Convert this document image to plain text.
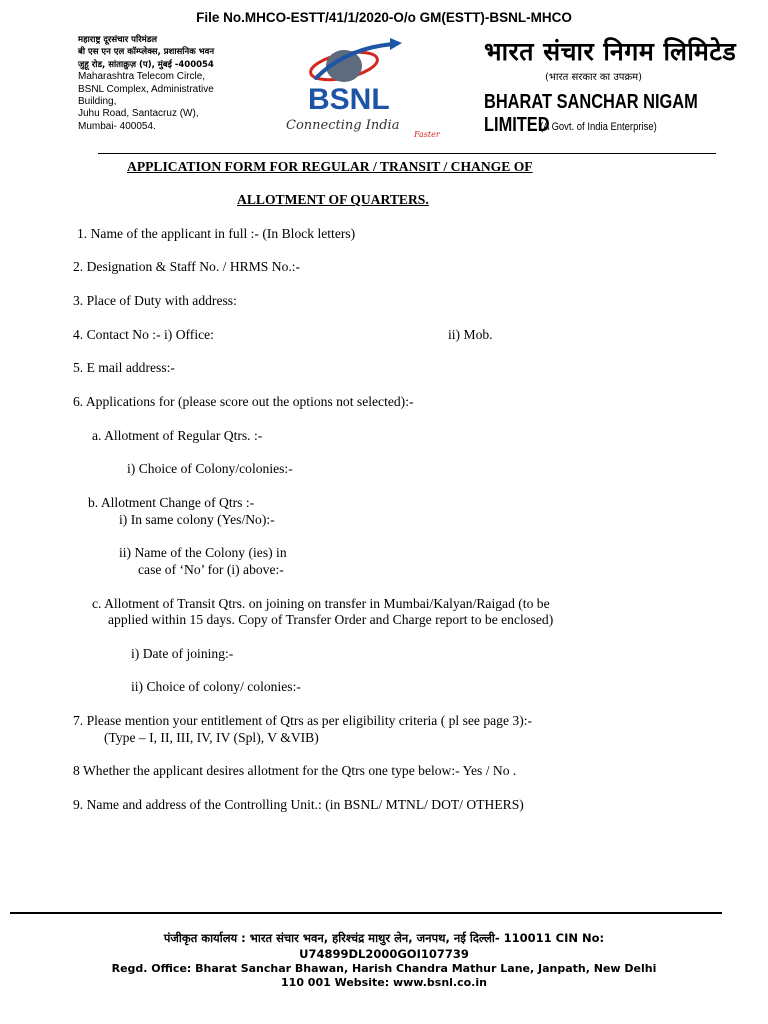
File No.MHCO-ESTT/41/1/2020-O/o GM(ESTT)-BSNL-MHCO
महाराष्ट्र दूरसंचार परिमंडल
बी एस एन एल कॉम्प्लेक्स, प्रशासनिक भवन
जुहू रोड, सांताक्रुज़ (प), मुंबई -400054
Maharashtra Telecom Circle,
BSNL Complex, Administrative
Building,
Juhu Road, Santacruz (W),
Mumbai- 400054.
BSNL
Connecting India
Faster
भारत संचार निगम लिमिटेड
(भारत सरकार का उपक्रम)
BHARAT SANCHAR NIGAM LIMITED
(A Govt. of India Enterprise)
APPLICATION FORM FOR REGULAR / TRANSIT / CHANGE OF
ALLOTMENT OF QUARTERS.
1. Name of the applicant in full :- (In Block letters)
2. Designation & Staff No. / HRMS No.:-
3. Place of Duty with address:
4. Contact No :- i) Office:	ii) Mob.
5. E mail address:-
6. Applications for (please score out the options not selected):-
a. Allotment of Regular Qtrs. :-
i) Choice of Colony/colonies:-
b. Allotment Change of Qtrs :-
i) In same colony (Yes/No):-
ii) Name of the Colony (ies) in
case of ‘No’ for (i) above:-
c. Allotment of Transit Qtrs. on joining on transfer in Mumbai/Kalyan/Raigad (to be
applied within 15 days. Copy of Transfer Order and Charge report to be enclosed)
i) Date of joining:-
ii) Choice of colony/ colonies:-
7. Please mention your entitlement of Qtrs as per eligibility criteria ( pl see page 3):-
(Type – I, II, III, IV, IV (Spl), V &VIB)
8 Whether the applicant desires allotment for the Qtrs one type below:- Yes / No .
9. Name and address of the Controlling Unit.: (in BSNL/ MTNL/ DOT/ OTHERS)
पंजीकृत कार्यालय : भारत संचार भवन, हरिश्चंद्र माथुर लेन, जनपथ, नई दिल्ली- 110011 CIN No:
U74899DL2000GOI107739
Regd. Office: Bharat Sanchar Bhawan, Harish Chandra Mathur Lane, Janpath, New Delhi
110 001 Website: www.bsnl.co.in
